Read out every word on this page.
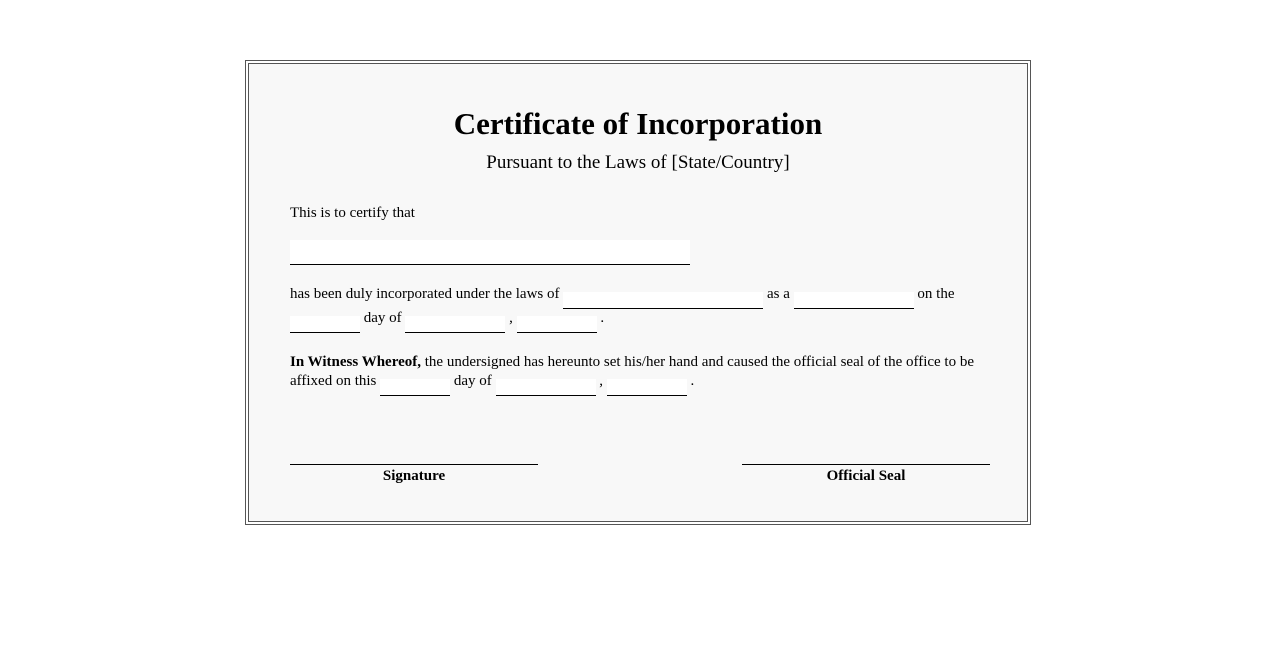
Certificate of Incorporation
Pursuant to the Laws of [State/Country]
This is to certify that
has been duly incorporated under the laws of	as a	on the  day of	,	.
In Witness Whereof, the undersigned has hereunto set his/her hand and caused the official seal of the office to be affixed on this	day of	,	.
Signature	Official Seal
